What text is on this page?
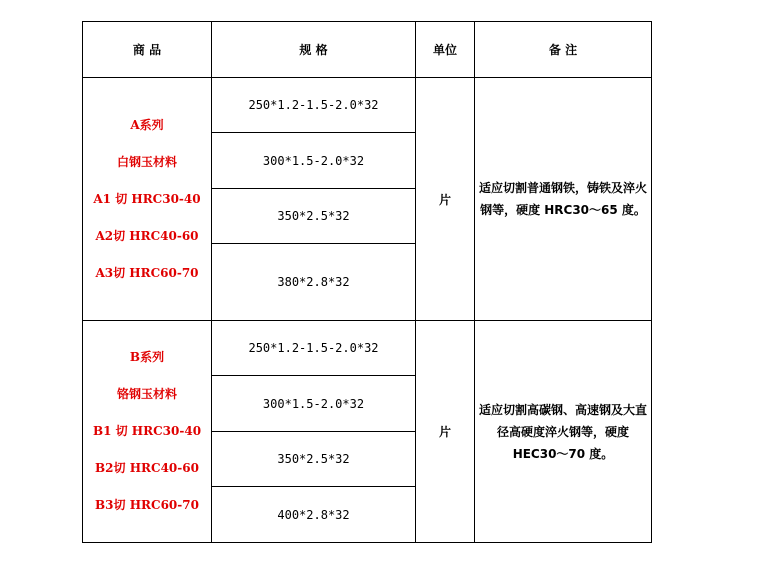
商 品	规 格	单位	备 注

A系列
白钢玉材料
A1 切 HRC30-40
A2切 HRC40-60
A3切 HRC60-70	250*1.2-1.5-2.0*32	片	适应切割普通钢铁，铸铁及淬火钢等，硬度 HRC30～65 度。
	300*1.5-2.0*32		
	350*2.5*32		
	380*2.8*32		

B系列
铬钢玉材料
B1 切 HRC30-40
B2切 HRC40-60
B3切 HRC60-70	250*1.2-1.5-2.0*32	片	适应切割高碳钢、高速钢及大直径高硬度淬火钢等，硬度 HEC30～70 度。
	300*1.5-2.0*32		
	350*2.5*32		
	400*2.8*32		
